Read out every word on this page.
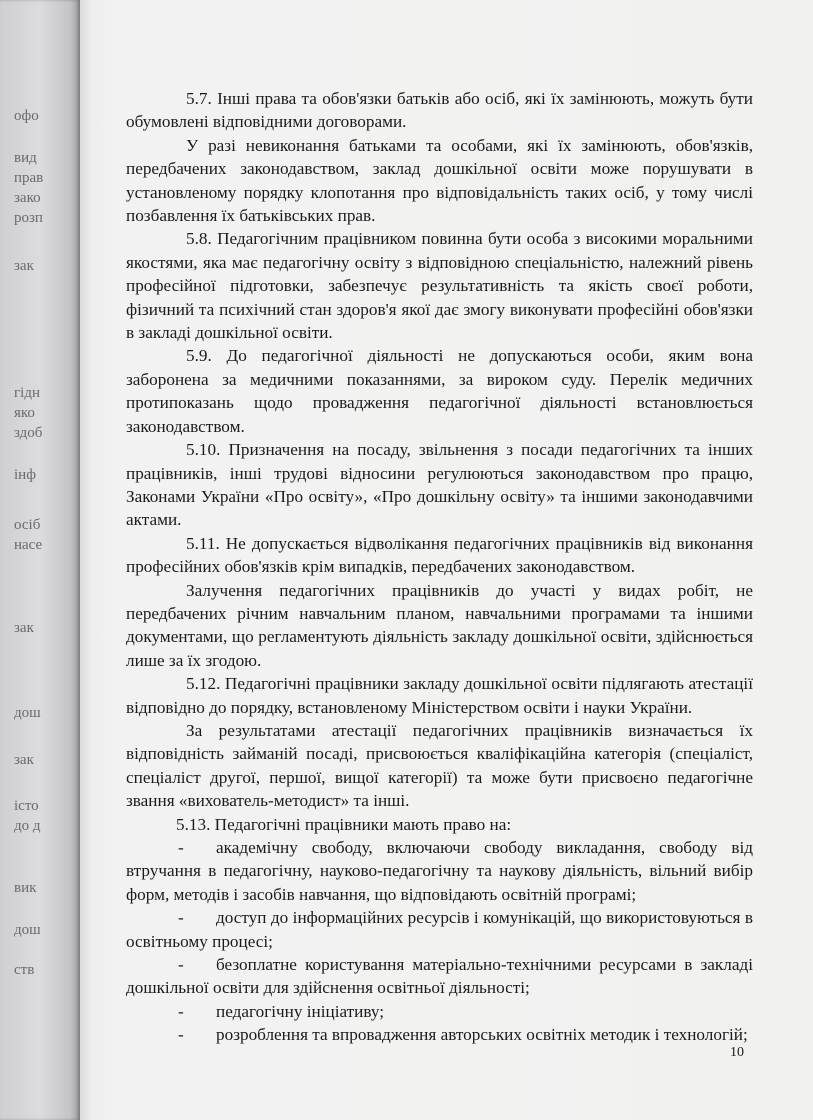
офо
вид
прав
зако
розп
зак
гідн
яко
здоб
інф
осіб
насе
зак
дош
зак
істо
до д
вик
дош
ств

5.7. Інші права та обов'язки батьків або осіб, які їх замінюють, можуть бути обумовлені відповідними договорами.

У разі невиконання батьками та особами, які їх замінюють, обов'язків, передбачених законодавством, заклад дошкільної освіти може порушувати в установленому порядку клопотання про відповідальність таких осіб, у тому числі позбавлення їх батьківських прав.

5.8. Педагогічним працівником повинна бути особа з високими моральними якостями, яка має педагогічну освіту з відповідною спеціальністю, належний рівень професійної підготовки, забезпечує результативність та якість своєї роботи, фізичний та психічний стан здоров'я якої дає змогу виконувати професійні обов'язки в закладі дошкільної освіти.

5.9. До педагогічної діяльності не допускаються особи, яким вона заборонена за медичними показаннями, за вироком суду. Перелік медичних протипоказань щодо провадження педагогічної діяльності встановлюється законодавством.

5.10. Призначення на посаду, звільнення з посади педагогічних та інших працівників, інші трудові відносини регулюються законодавством про працю, Законами України «Про освіту», «Про дошкільну освіту» та іншими законодавчими актами.

5.11. Не допускається відволікання педагогічних працівників від виконання професійних обов'язків крім випадків, передбачених законодавством.

Залучення педагогічних працівників до участі у видах робіт, не передбачених річним навчальним планом, навчальними програмами та іншими документами, що регламентують діяльність закладу дошкільної освіти, здійснюється лише за їх згодою.

5.12. Педагогічні працівники закладу дошкільної освіти підлягають атестації відповідно до порядку, встановленому Міністерством освіти і науки України.

За результатами атестації педагогічних працівників визначається їх відповідність займаній посаді, присвоюється кваліфікаційна категорія (спеціаліст, спеціаліст другої, першої, вищої категорії) та може бути присвоєно педагогічне звання «вихователь-методист» та інші.

5.13. Педагогічні працівники мають право на:

- академічну свободу, включаючи свободу викладання, свободу від втручання в педагогічну, науково-педагогічну та наукову діяльність, вільний вибір форм, методів і засобів навчання, що відповідають освітній програмі;

- доступ до інформаційних ресурсів і комунікацій, що використовуються в освітньому процесі;

- безоплатне користування матеріально-технічними ресурсами в закладі дошкільної освіти для здійснення освітньої діяльності;

- педагогічну ініціативу;

- розроблення та впровадження авторських освітніх методик і технологій;

10
